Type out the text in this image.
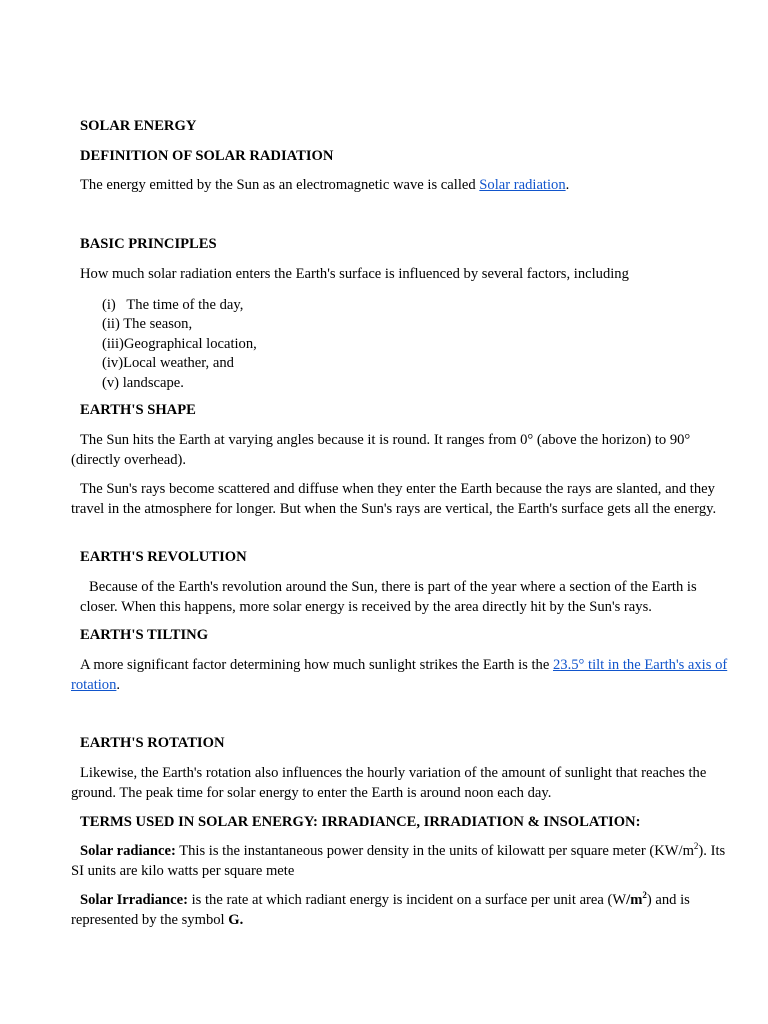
SOLAR ENERGY

DEFINITION OF SOLAR RADIATION

The energy emitted by the Sun as an electromagnetic wave is called Solar radiation.

BASIC PRINCIPLES

How much solar radiation enters the Earth's surface is influenced by several factors, including

(i) The time of the day,
(ii) The season,
(iii)Geographical location,
(iv)Local weather, and
(v) landscape.

EARTH'S SHAPE

The Sun hits the Earth at varying angles because it is round. It ranges from 0° (above the horizon) to 90° (directly overhead).

The Sun's rays become scattered and diffuse when they enter the Earth because the rays are slanted, and they travel in the atmosphere for longer. But when the Sun's rays are vertical, the Earth's surface gets all the energy.

EARTH'S REVOLUTION

Because of the Earth's revolution around the Sun, there is part of the year where a section of the Earth is
closer. When this happens, more solar energy is received by the area directly hit by the Sun's rays.

EARTH'S TILTING

A more significant factor determining how much sunlight strikes the Earth is the 23.5° tilt in the Earth's axis of rotation.

EARTH'S ROTATION

Likewise, the Earth's rotation also influences the hourly variation of the amount of sunlight that reaches the ground. The peak time for solar energy to enter the Earth is around noon each day.

TERMS USED IN SOLAR ENERGY: IRRADIANCE, IRRADIATION & INSOLATION:

Solar radiance: This is the instantaneous power density in the units of kilowatt per square meter $(KW/m^2)$. Its SI units are kilo watts per square mete

Solar Irradiance: is the rate at which radiant energy is incident on a surface per unit area $(W/m^2)$ and is represented by the symbol G.
